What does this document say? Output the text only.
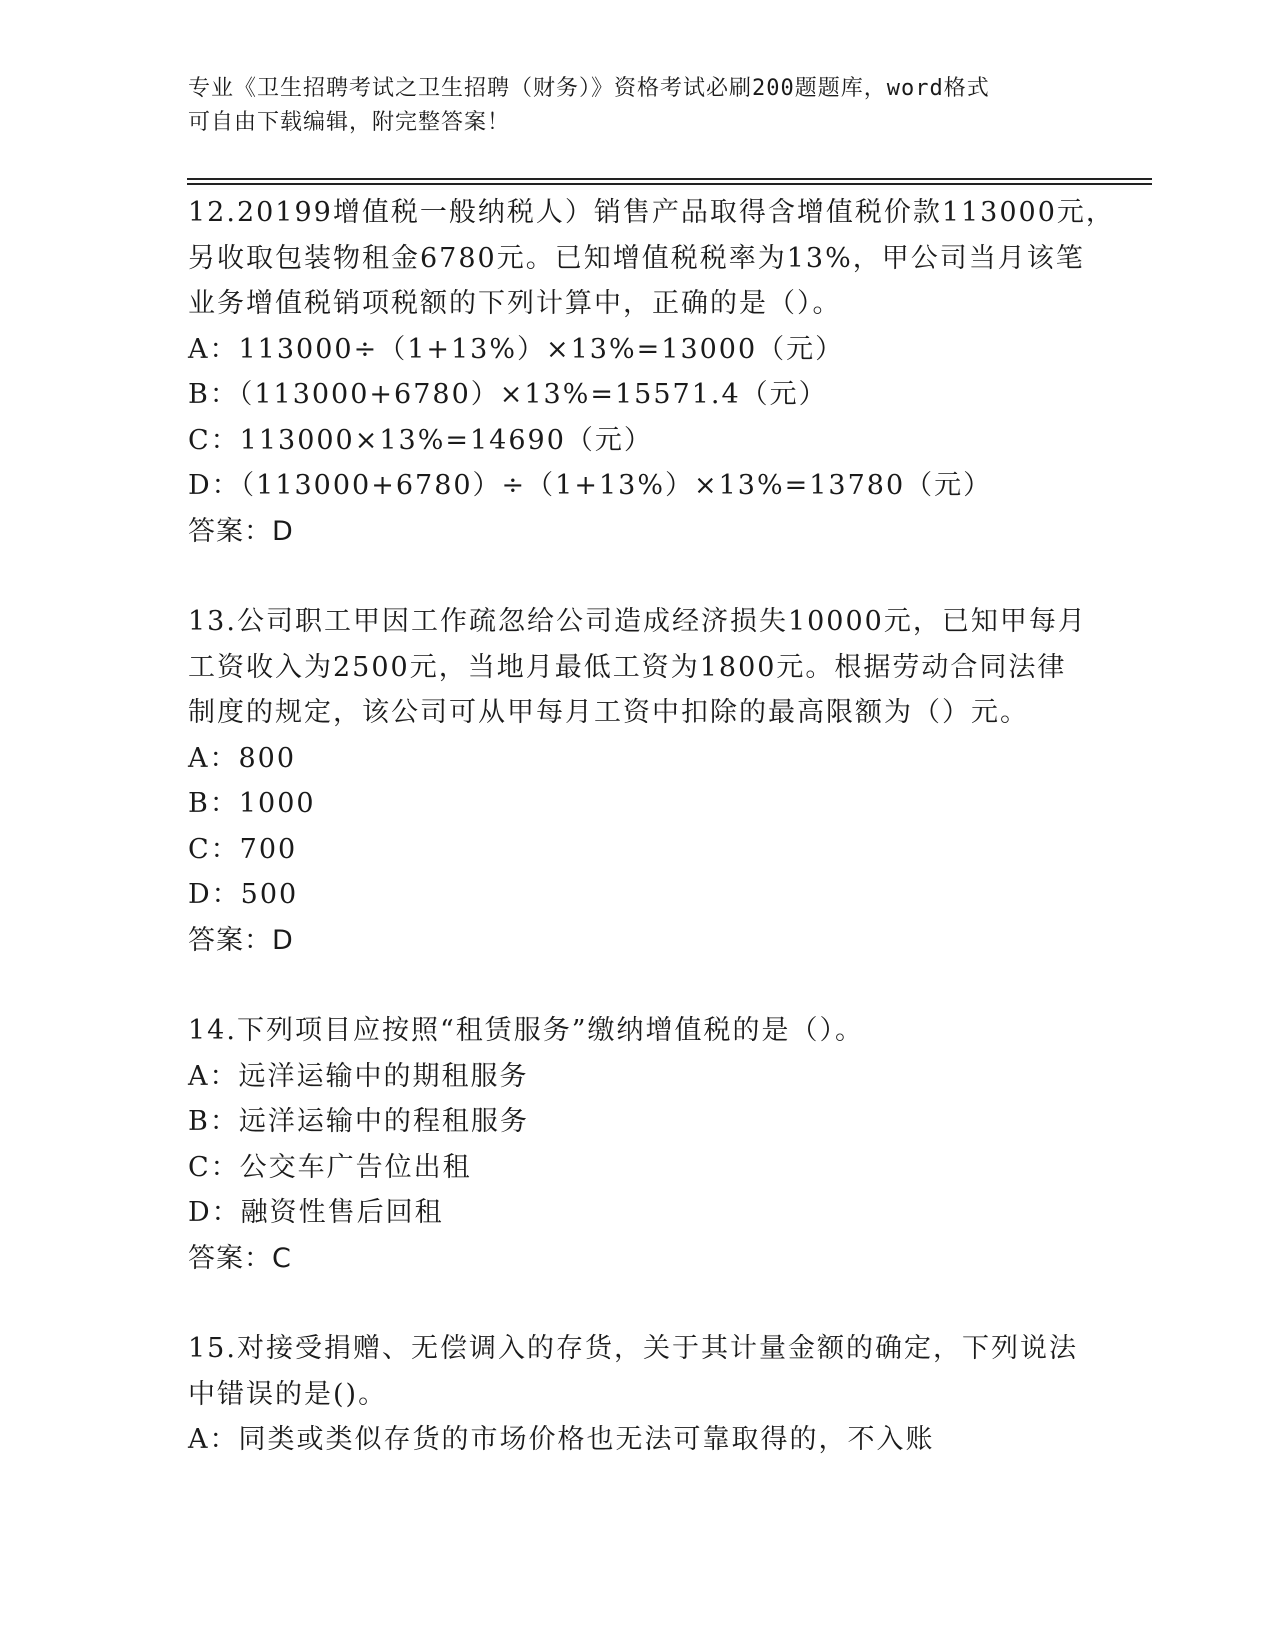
专业《卫生招聘考试之卫生招聘（财务）》资格考试必刷200题题库，word格式
可自由下载编辑，附完整答案！
12.20199增值税一般纳税人）销售产品取得含增值税价款113000元，
另收取包装物租金6780元。已知增值税税率为13%，甲公司当月该笔
业务增值税销项税额的下列计算中，正确的是（）。
A：113000÷（1+13%）×13%=13000（元）
B：（113000+6780）×13%=15571.4（元）
C：113000×13%=14690（元）
D：（113000+6780）÷（1+13%）×13%=13780（元）
答案：D
13.公司职工甲因工作疏忽给公司造成经济损失10000元，已知甲每月
工资收入为2500元，当地月最低工资为1800元。根据劳动合同法律
制度的规定，该公司可从甲每月工资中扣除的最高限额为（）元。
A：800
B：1000
C：700
D：500
答案：D
14.下列项目应按照“租赁服务”缴纳增值税的是（）。
A：远洋运输中的期租服务
B：远洋运输中的程租服务
C：公交车广告位出租
D：融资性售后回租
答案：C
15.对接受捐赠、无偿调入的存货，关于其计量金额的确定，下列说法
中错误的是()。
A：同类或类似存货的市场价格也无法可靠取得的，不入账
